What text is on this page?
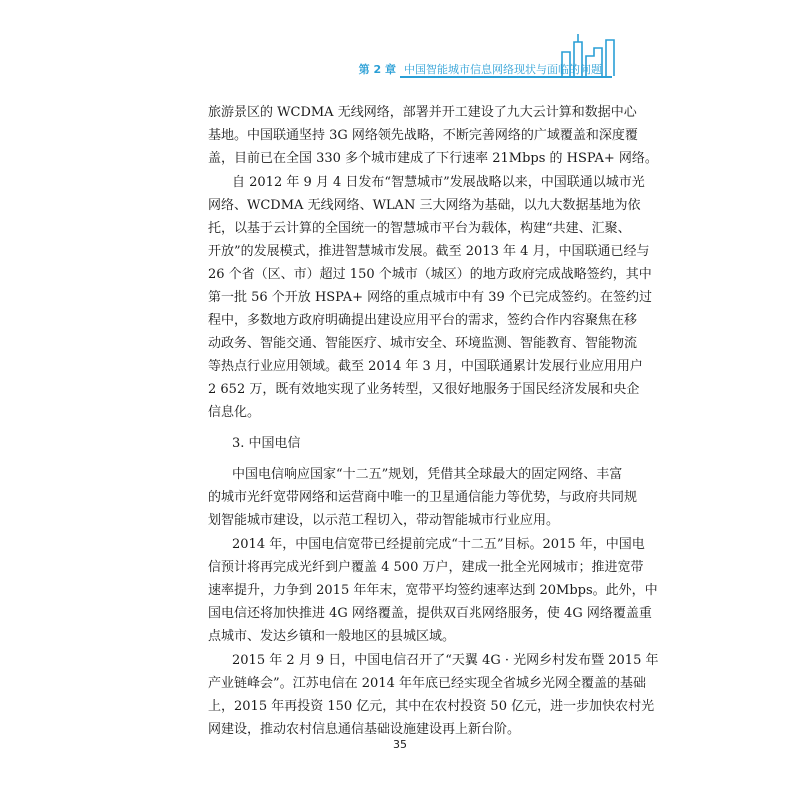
第 2 章 中国智能城市信息网络现状与面临的问题
旅游景区的 WCDMA 无线网络，部署并开工建设了九大云计算和数据中心
基地。中国联通坚持 3G 网络领先战略，不断完善网络的广域覆盖和深度覆
盖，目前已在全国 330 多个城市建成了下行速率 21Mbps 的 HSPA+ 网络。
自 2012 年 9 月 4 日发布“智慧城市”发展战略以来，中国联通以城市光
网络、WCDMA 无线网络、WLAN 三大网络为基础，以九大数据基地为依
托，以基于云计算的全国统一的智慧城市平台为载体，构建“共建、汇聚、
开放”的发展模式，推进智慧城市发展。截至 2013 年 4 月，中国联通已经与
26 个省（区、市）超过 150 个城市（城区）的地方政府完成战略签约，其中
第一批 56 个开放 HSPA+ 网络的重点城市中有 39 个已完成签约。在签约过
程中，多数地方政府明确提出建设应用平台的需求，签约合作内容聚焦在移
动政务、智能交通、智能医疗、城市安全、环境监测、智能教育、智能物流
等热点行业应用领域。截至 2014 年 3 月，中国联通累计发展行业应用用户
2 652 万，既有效地实现了业务转型，又很好地服务于国民经济发展和央企
信息化。
3. 中国电信
中国电信响应国家“十二五”规划，凭借其全球最大的固定网络、丰富
的城市光纤宽带网络和运营商中唯一的卫星通信能力等优势，与政府共同规
划智能城市建设，以示范工程切入，带动智能城市行业应用。
2014 年，中国电信宽带已经提前完成“十二五”目标。2015 年，中国电
信预计将再完成光纤到户覆盖 4 500 万户，建成一批全光网城市；推进宽带
速率提升，力争到 2015 年年末，宽带平均签约速率达到 20Mbps。此外，中
国电信还将加快推进 4G 网络覆盖，提供双百兆网络服务，使 4G 网络覆盖重
点城市、发达乡镇和一般地区的县城区域。
2015 年 2 月 9 日，中国电信召开了“天翼 4G · 光网乡村发布暨 2015 年
产业链峰会”。江苏电信在 2014 年年底已经实现全省城乡光网全覆盖的基础
上，2015 年再投资 150 亿元，其中在农村投资 50 亿元，进一步加快农村光
网建设，推动农村信息通信基础设施建设再上新台阶。
35
